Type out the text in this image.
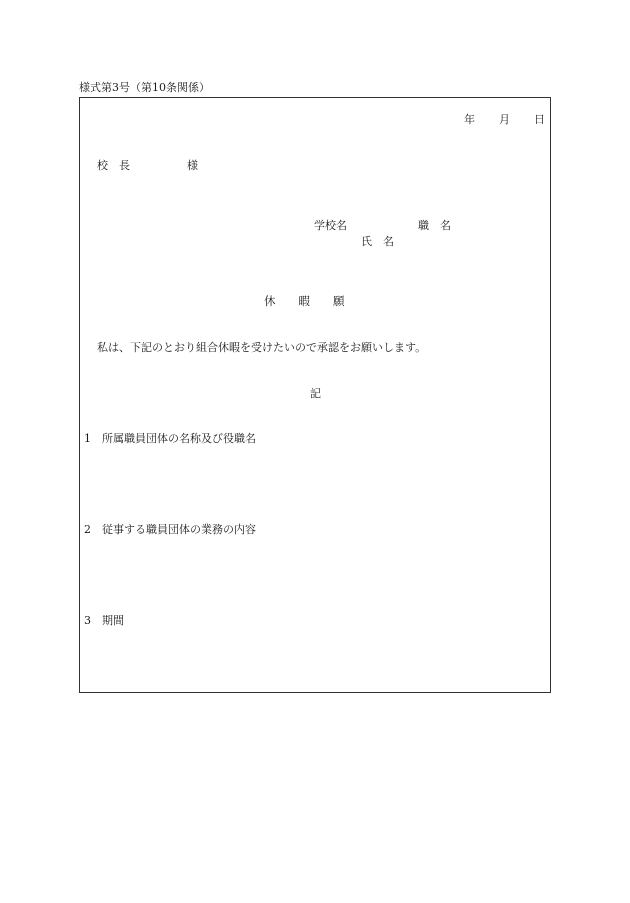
様式第3号（第10条関係）
年 月 日
校　長	様
学校名	職　名
氏　名
休　　暇　　願
私は、下記のとおり組合休暇を受けたいので承認をお願いします。
記
1 所属職員団体の名称及び役職名
2 従事する職員団体の業務の内容
3 期間
